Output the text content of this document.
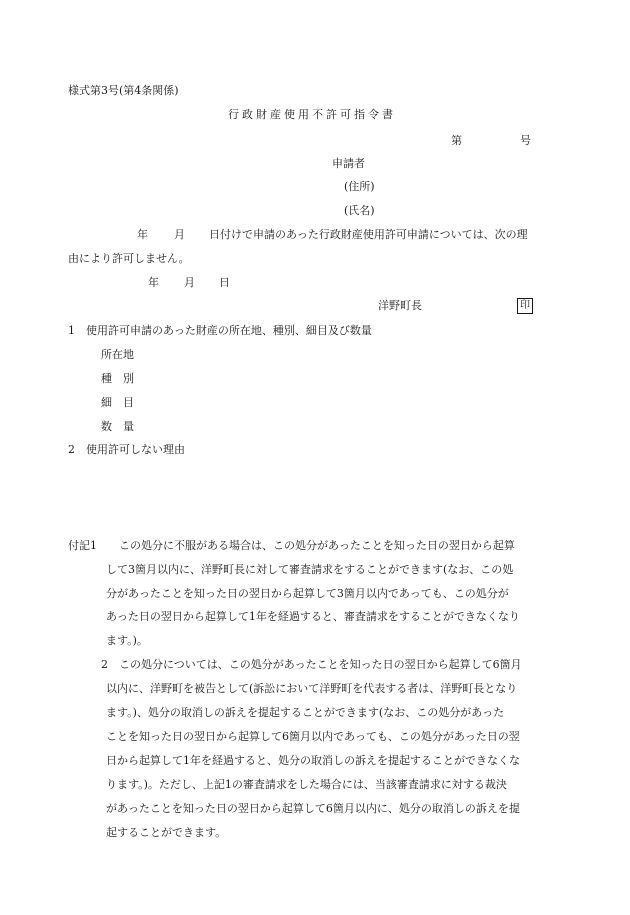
様式第3号(第4条関係)
行政財産使用不許可指令書
第	号
申請者
(住所)
(氏名)
年 月 日付けで申請のあった行政財産使用許可申請については、次の理
由により許可しません。
年 月 日
洋野町長	印
1　使用許可申請のあった財産の所在地、種別、細目及び数量
所在地
種　別
細　目
数　量
2　使用許可しない理由
付記1 この処分に不服がある場合は、この処分があったことを知った日の翌日から起算
して3箇月以内に、洋野町長に対して審査請求をすることができます(なお、この処
分があったことを知った日の翌日から起算して3箇月以内であっても、この処分が
あった日の翌日から起算して1年を経過すると、審査請求をすることができなくなり
ます。)。
2 この処分については、この処分があったことを知った日の翌日から起算して6箇月
以内に、洋野町を被告として(訴訟において洋野町を代表する者は、洋野町長となり
ます。)、処分の取消しの訴えを提起することができます(なお、この処分があった
ことを知った日の翌日から起算して6箇月以内であっても、この処分があった日の翌
日から起算して1年を経過すると、処分の取消しの訴えを提起することができなくな
ります。)。ただし、上記1の審査請求をした場合には、当該審査請求に対する裁決
があったことを知った日の翌日から起算して6箇月以内に、処分の取消しの訴えを提
起することができます。
